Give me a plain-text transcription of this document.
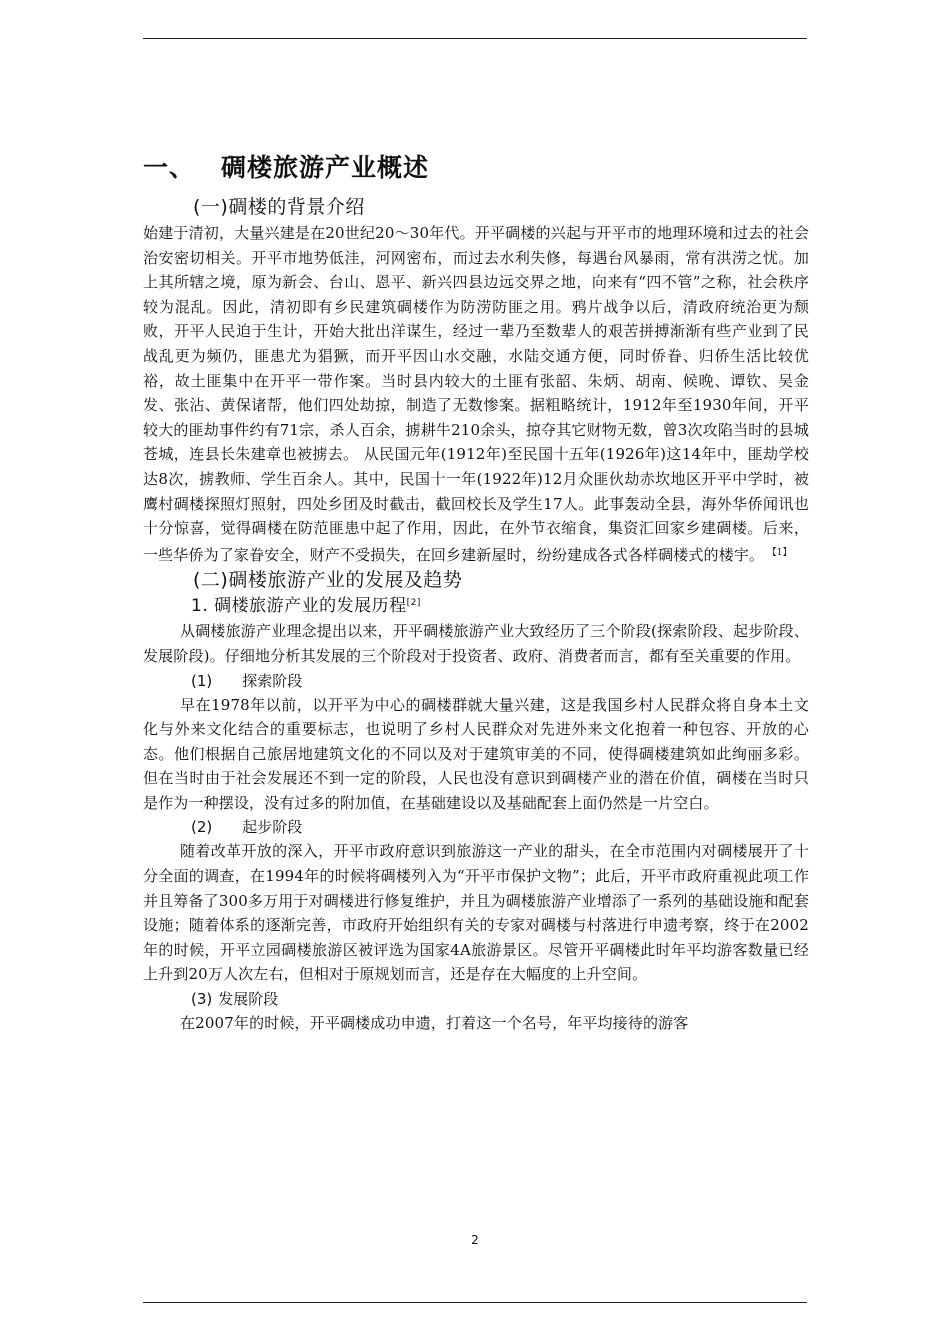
一、 碉楼旅游产业概述
(一)碉楼的背景介绍

始建于清初，大量兴建是在20世纪20～30年代。开平碉楼的兴起与开平市的地理环境和过去的社会治安密切相关。开平市地势低洼，河网密布，而过去水利失修，每遇台风暴雨，常有洪涝之忧。加上其所辖之境，原为新会、台山、恩平、新兴四县边远交界之地，向来有“四不管”之称，社会秩序较为混乱。因此，清初即有乡民建筑碉楼作为防涝防匪之用。鸦片战争以后，清政府统治更为颓败，开平人民迫于生计，开始大批出洋谋生，经过一辈乃至数辈人的艰苦拼搏渐渐有些产业到了民战乱更为频仍，匪患尤为猖獗，而开平因山水交融，水陆交通方便，同时侨眷、归侨生活比较优裕，故土匪集中在开平一带作案。当时县内较大的土匪有张韶、朱炳、胡南、候晚、谭钦、吴金发、张沾、黄保诸帮，他们四处劫掠，制造了无数惨案。据粗略统计，1912年至1930年间，开平较大的匪劫事件约有71宗，杀人百余，掳耕牛210余头，掠夺其它财物无数，曾3次攻陷当时的县城苍城，连县长朱建章也被掳去。 从民国元年(1912年)至民国十五年(1926年)这14年中，匪劫学校达8次，掳教师、学生百余人。其中，民国十一年(1922年)12月众匪伙劫赤坎地区开平中学时，被鹰村碉楼探照灯照射，四处乡团及时截击，截回校长及学生17人。此事轰动全县，海外华侨闻讯也十分惊喜，觉得碉楼在防范匪患中起了作用，因此，在外节衣缩食，集资汇回家乡建碉楼。后来，一些华侨为了家眷安全，财产不受损失，在回乡建新屋时，纷纷建成各式各样碉楼式的楼宇。 $^{【1】}$

(二)碉楼旅游产业的发展及趋势
1. 碉楼旅游产业的发展历程[2]

从碉楼旅游产业理念提出以来，开平碉楼旅游产业大致经历了三个阶段(探索阶段、起步阶段、发展阶段)。仔细地分析其发展的三个阶段对于投资者、政府、消费者而言，都有至关重要的作用。

(1) 探索阶段

早在1978年以前，以开平为中心的碉楼群就大量兴建，这是我国乡村人民群众将自身本土文化与外来文化结合的重要标志，也说明了乡村人民群众对先进外来文化抱着一种包容、开放的心态。他们根据自己旅居地建筑文化的不同以及对于建筑审美的不同，使得碉楼建筑如此绚丽多彩。但在当时由于社会发展还不到一定的阶段，人民也没有意识到碉楼产业的潜在价值，碉楼在当时只是作为一种摆设，没有过多的附加值，在基础建设以及基础配套上面仍然是一片空白。

(2) 起步阶段

随着改革开放的深入，开平市政府意识到旅游这一产业的甜头，在全市范围内对碉楼展开了十分全面的调查，在1994年的时候将碉楼列入为“开平市保护文物”；此后，开平市政府重视此项工作并且筹备了300多万用于对碉楼进行修复维护，并且为碉楼旅游产业增添了一系列的基础设施和配套设施；随着体系的逐渐完善，市政府开始组织有关的专家对碉楼与村落进行申遗考察，终于在2002年的时候，开平立园碉楼旅游区被评选为国家4A旅游景区。尽管开平碉楼此时年平均游客数量已经上升到20万人次左右，但相对于原规划而言，还是存在大幅度的上升空间。

(3) 发展阶段

在2007年的时候，开平碉楼成功申遗，打着这一个名号，年平均接待的游客

2
